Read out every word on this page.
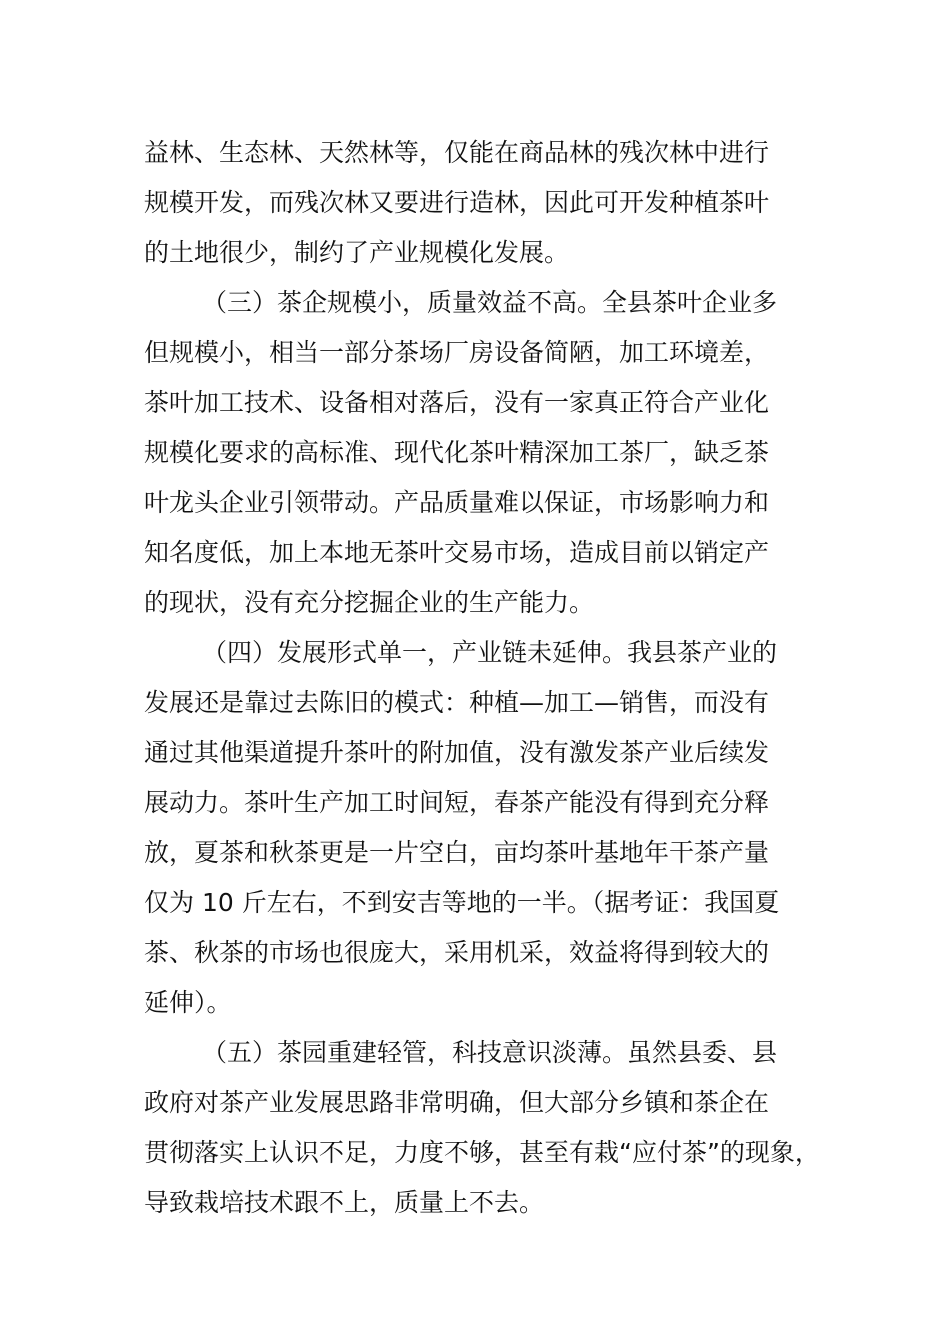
益林、生态林、天然林等，仅能在商品林的残次林中进行
规模开发，而残次林又要进行造林，因此可开发种植茶叶
的土地很少，制约了产业规模化发展。
（三）茶企规模小，质量效益不高。全县茶叶企业多
但规模小，相当一部分茶场厂房设备简陋，加工环境差，
茶叶加工技术、设备相对落后，没有一家真正符合产业化
规模化要求的高标准、现代化茶叶精深加工茶厂，缺乏茶
叶龙头企业引领带动。产品质量难以保证，市场影响力和
知名度低，加上本地无茶叶交易市场，造成目前以销定产
的现状，没有充分挖掘企业的生产能力。
（四）发展形式单一，产业链未延伸。我县茶产业的
发展还是靠过去陈旧的模式：种植—加工—销售，而没有
通过其他渠道提升茶叶的附加值，没有激发茶产业后续发
展动力。茶叶生产加工时间短，春茶产能没有得到充分释
放，夏茶和秋茶更是一片空白，亩均茶叶基地年干茶产量
仅为 10 斤左右，不到安吉等地的一半。（据考证：我国夏
茶、秋茶的市场也很庞大，采用机采，效益将得到较大的
延伸）。
（五）茶园重建轻管，科技意识淡薄。虽然县委、县
政府对茶产业发展思路非常明确，但大部分乡镇和茶企在
贯彻落实上认识不足，力度不够，甚至有栽“应付茶”的现象，
导致栽培技术跟不上，质量上不去。
